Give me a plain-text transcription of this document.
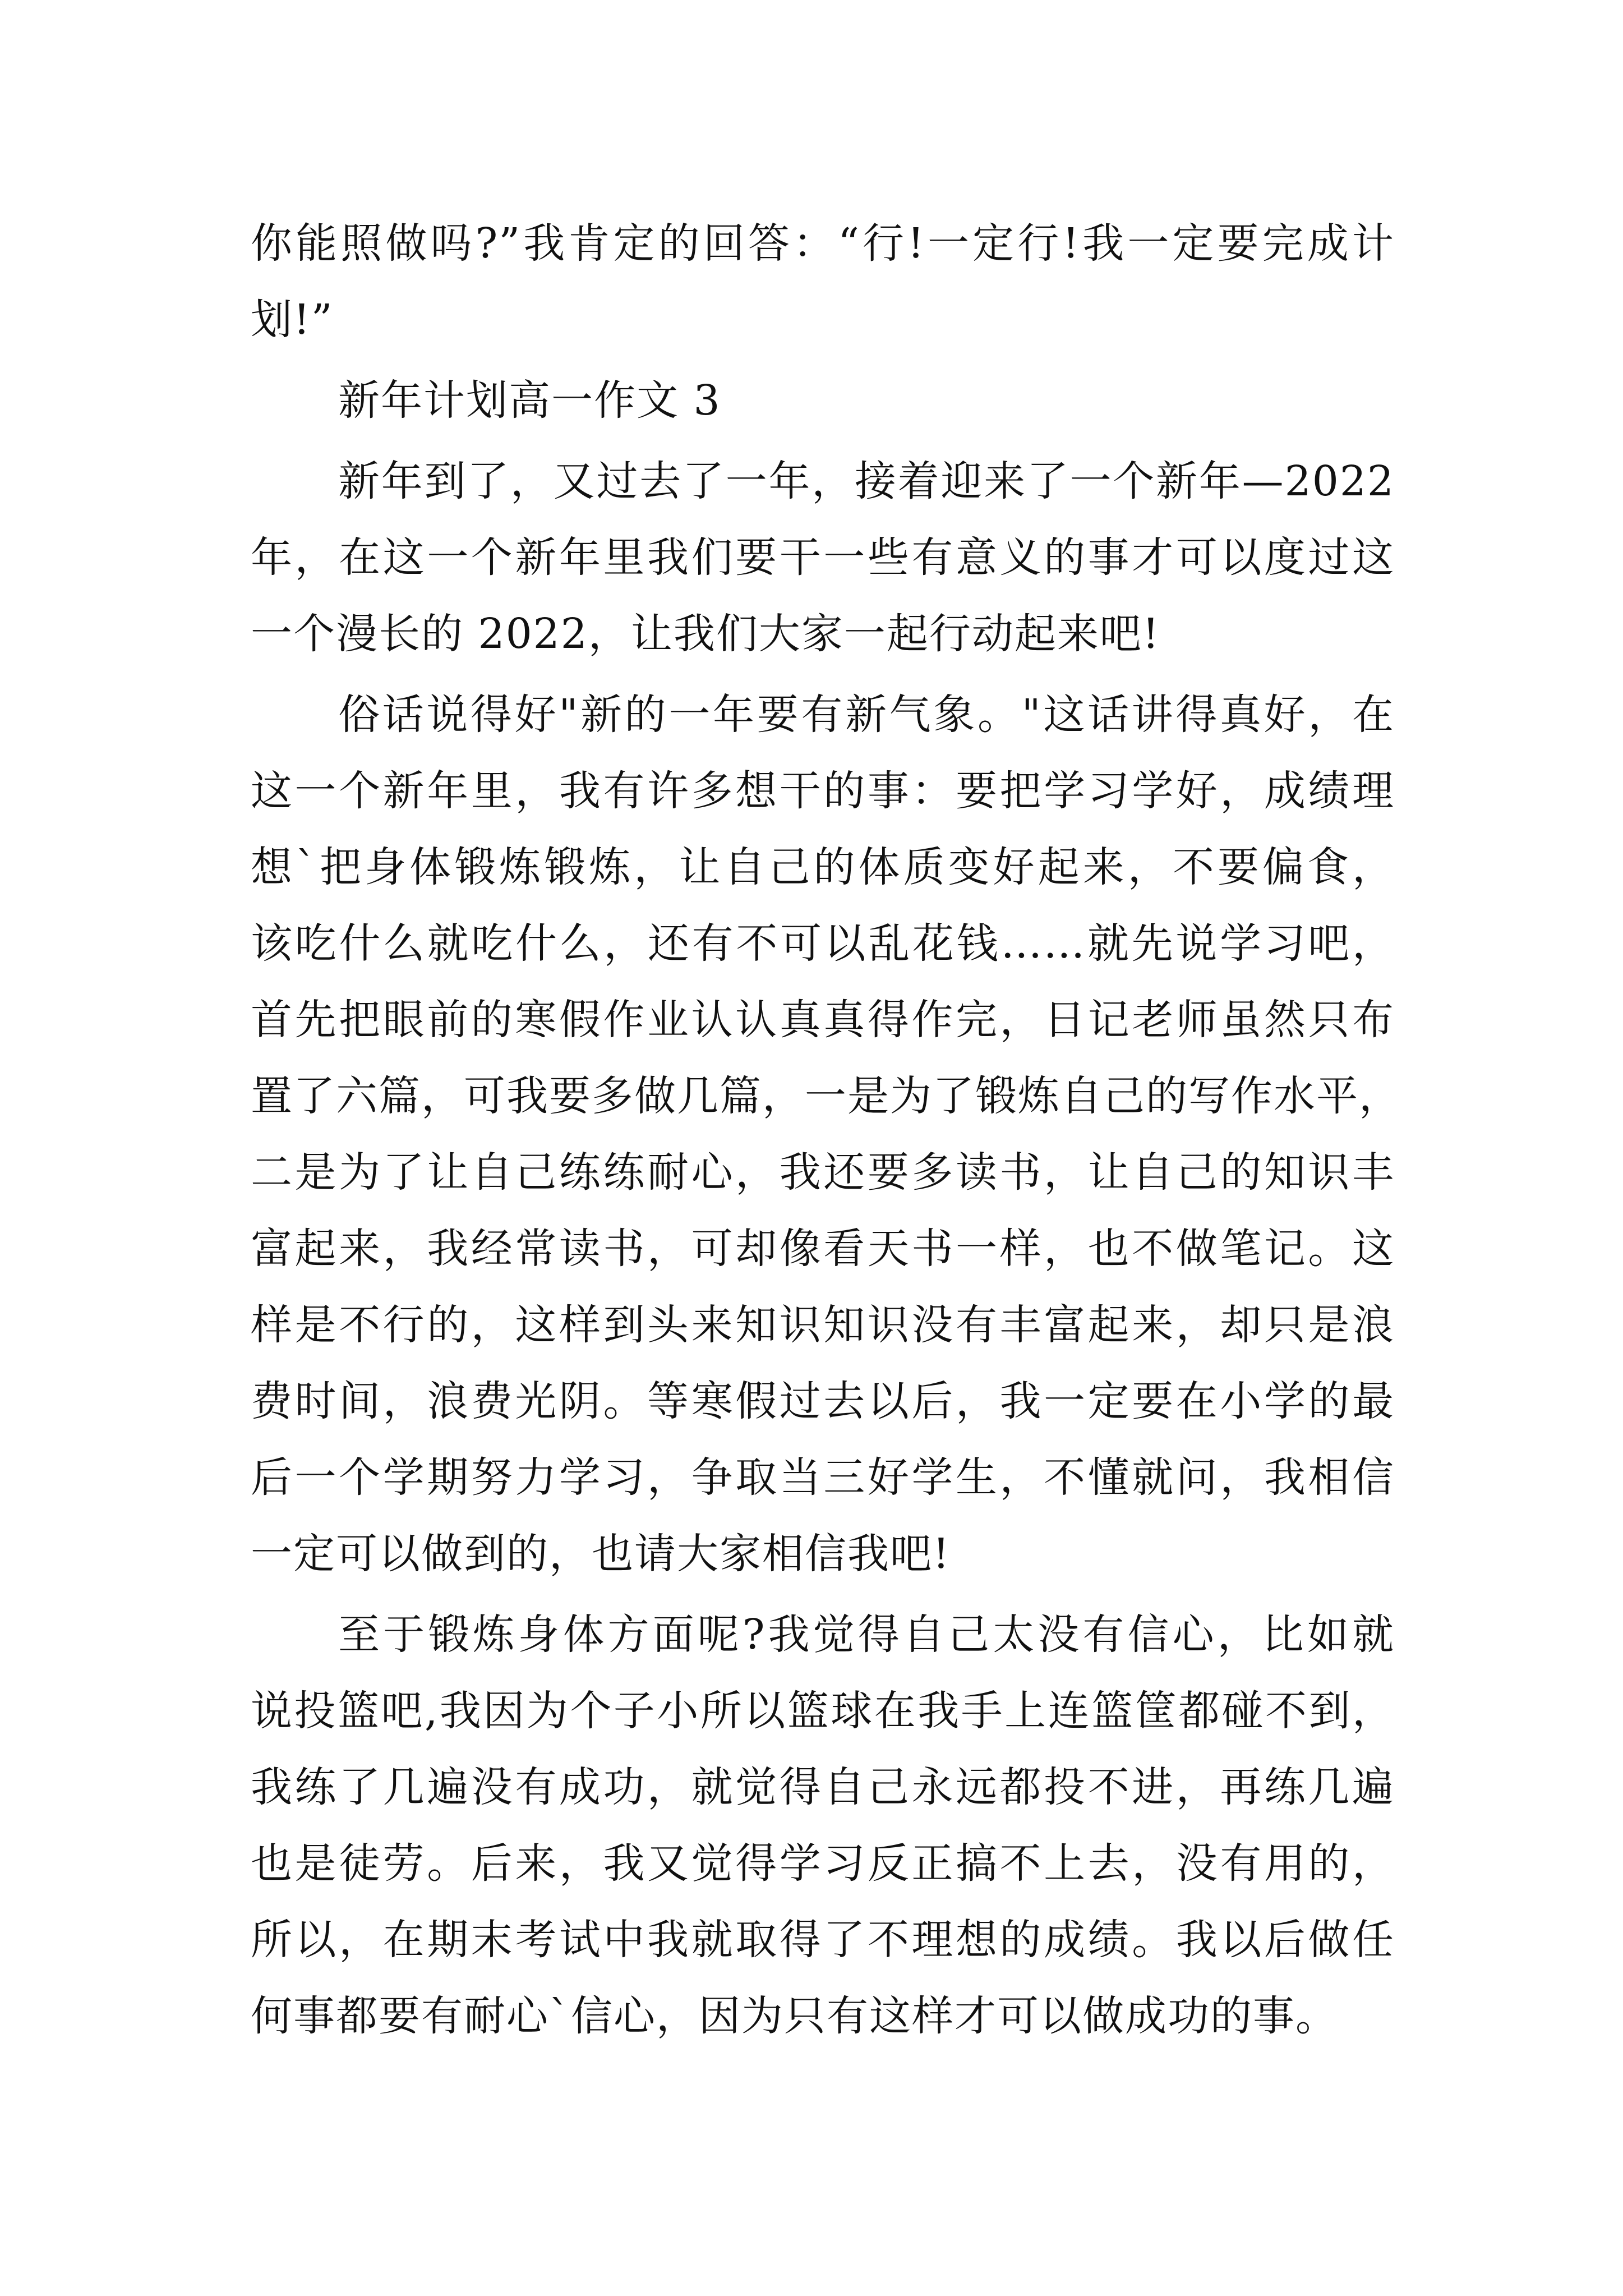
你能照做吗?”我肯定的回答：“行!一定行!我一定要完成计
划!”
新年计划高一作文 3
新年到了，又过去了一年，接着迎来了一个新年—2022
年，在这一个新年里我们要干一些有意义的事才可以度过这
一个漫长的 2022，让我们大家一起行动起来吧!
俗话说得好"新的一年要有新气象。"这话讲得真好，在
这一个新年里，我有许多想干的事：要把学习学好，成绩理
想`把身体锻炼锻炼，让自己的体质变好起来，不要偏食，
该吃什么就吃什么，还有不可以乱花钱……就先说学习吧，
首先把眼前的寒假作业认认真真得作完，日记老师虽然只布
置了六篇，可我要多做几篇，一是为了锻炼自己的写作水平，
二是为了让自己练练耐心，我还要多读书，让自己的知识丰
富起来，我经常读书，可却像看天书一样，也不做笔记。这
样是不行的，这样到头来知识知识没有丰富起来，却只是浪
费时间，浪费光阴。等寒假过去以后，我一定要在小学的最
后一个学期努力学习，争取当三好学生，不懂就问，我相信
一定可以做到的，也请大家相信我吧!
至于锻炼身体方面呢?我觉得自己太没有信心，比如就
说投篮吧,我因为个子小所以篮球在我手上连篮筐都碰不到，
我练了几遍没有成功，就觉得自己永远都投不进，再练几遍
也是徒劳。后来，我又觉得学习反正搞不上去，没有用的，
所以，在期末考试中我就取得了不理想的成绩。我以后做任
何事都要有耐心`信心，因为只有这样才可以做成功的事。
